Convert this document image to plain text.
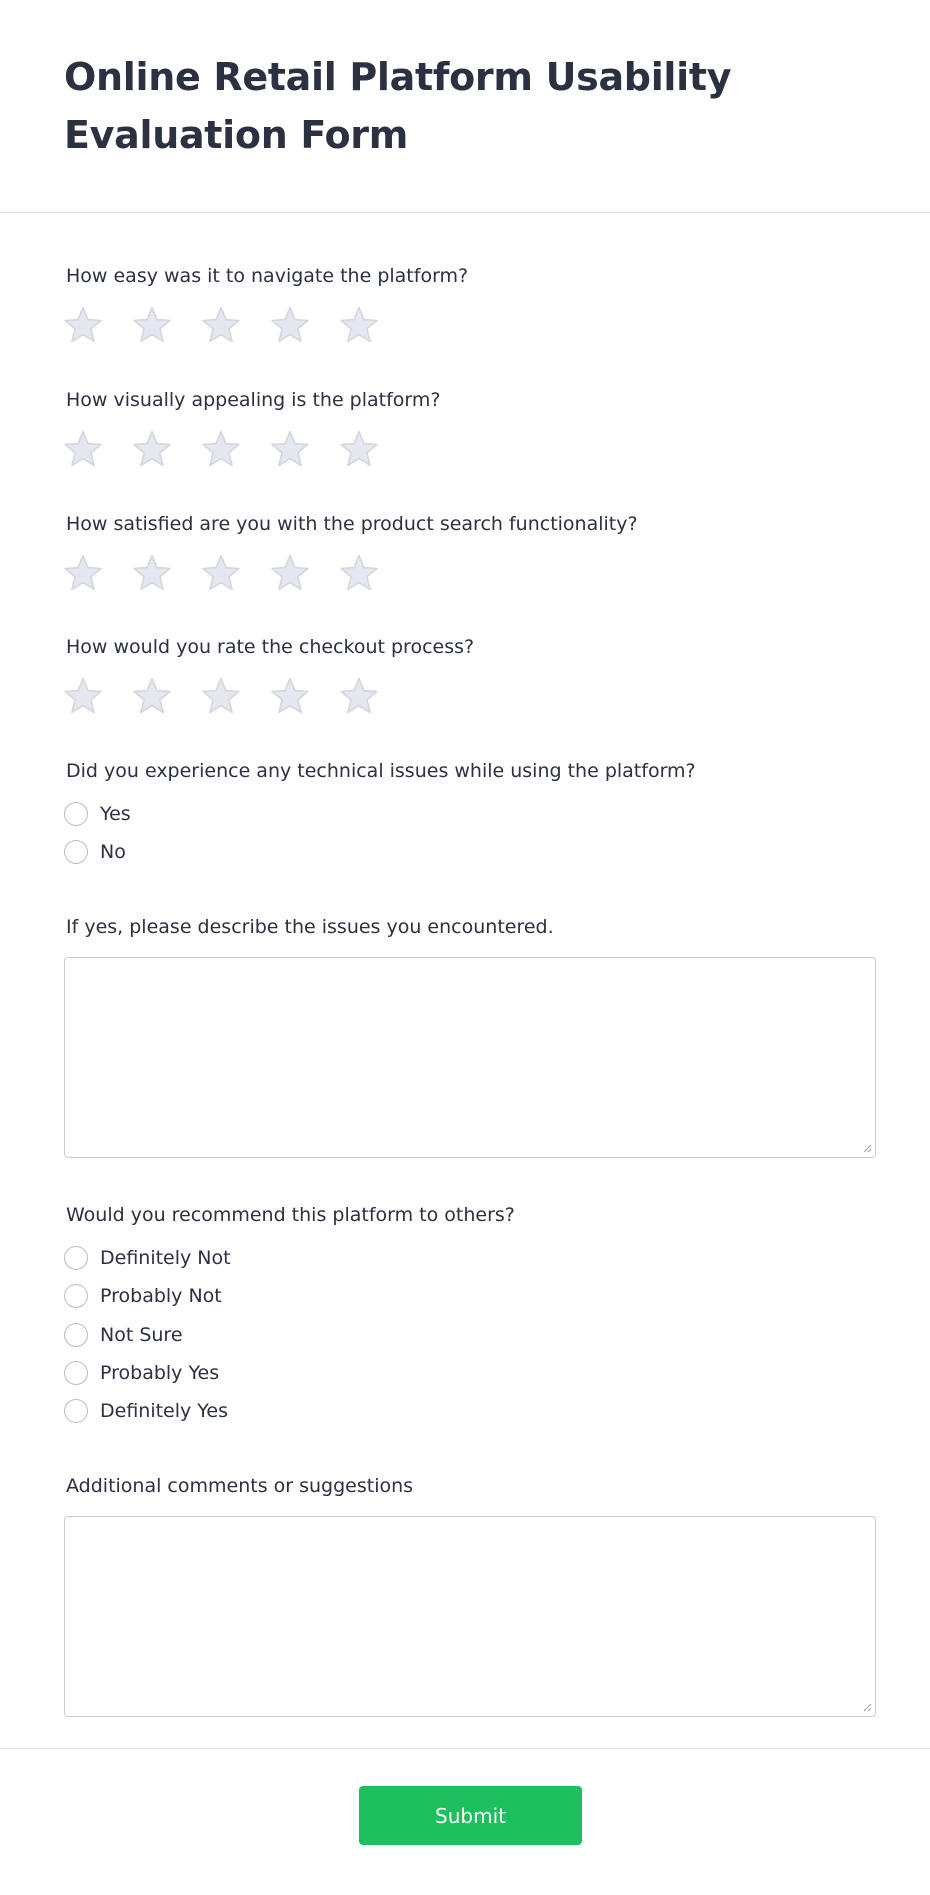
Online Retail Platform Usability Evaluation Form
How easy was it to navigate the platform?
How visually appealing is the platform?
How satisfied are you with the product search functionality?
How would you rate the checkout process?
Did you experience any technical issues while using the platform?
Yes
No
If yes, please describe the issues you encountered.
Would you recommend this platform to others?
Definitely Not
Probably Not
Not Sure
Probably Yes
Definitely Yes
Additional comments or suggestions
Submit
